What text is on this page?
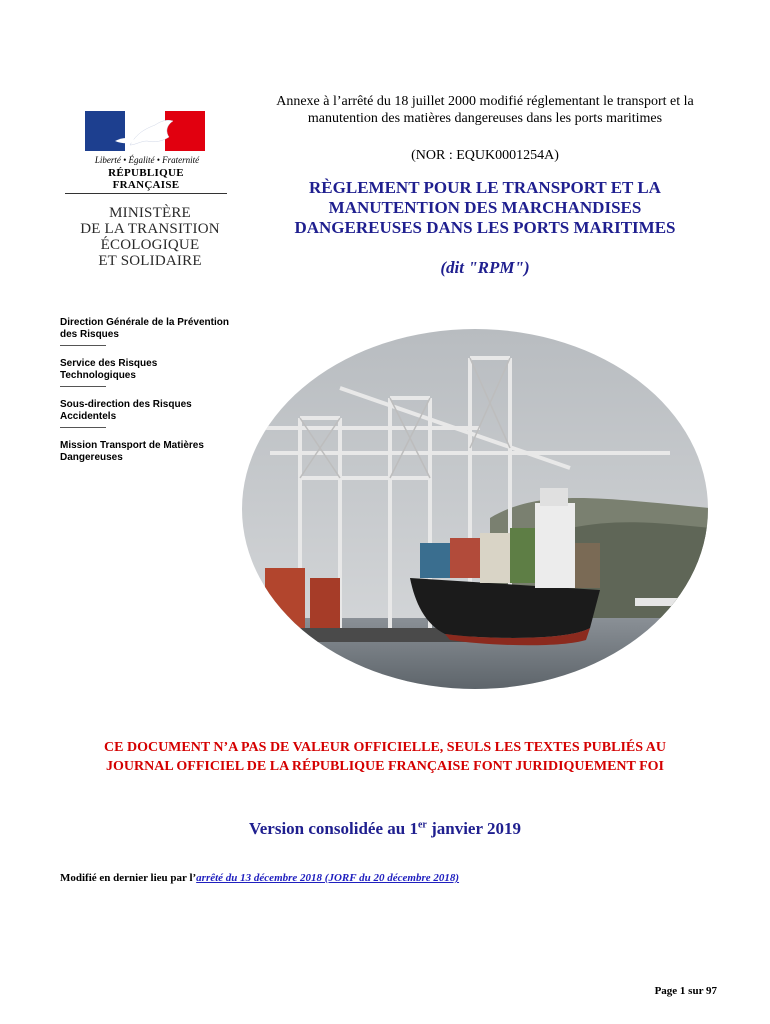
Liberté • Égalité • Fraternité
RÉPUBLIQUE FRANÇAISE
MINISTÈRE
DE LA TRANSITION
ÉCOLOGIQUE
ET SOLIDAIRE
Annexe à l’arrêté du 18 juillet 2000 modifié réglementant le transport et la manutention des matières dangereuses dans les ports maritimes
(NOR : EQUK0001254A)
RÈGLEMENT POUR LE TRANSPORT ET LA
MANUTENTION DES MARCHANDISES
DANGEREUSES DANS LES PORTS MARITIMES
(dit "RPM")
Direction Générale de la Prévention des Risques
Service des Risques Technologiques
Sous-direction des Risques Accidentels
Mission Transport de Matières Dangereuses
CE DOCUMENT N’A PAS DE VALEUR OFFICIELLE, SEULS LES TEXTES PUBLIÉS AU
JOURNAL OFFICIEL DE LA RÉPUBLIQUE FRANÇAISE FONT JURIDIQUEMENT FOI
Version consolidée au 1er janvier 2019
Modifié en dernier lieu par l’arrêté du 13 décembre 2018 (JORF du 20 décembre 2018)
Page 1 sur 97
